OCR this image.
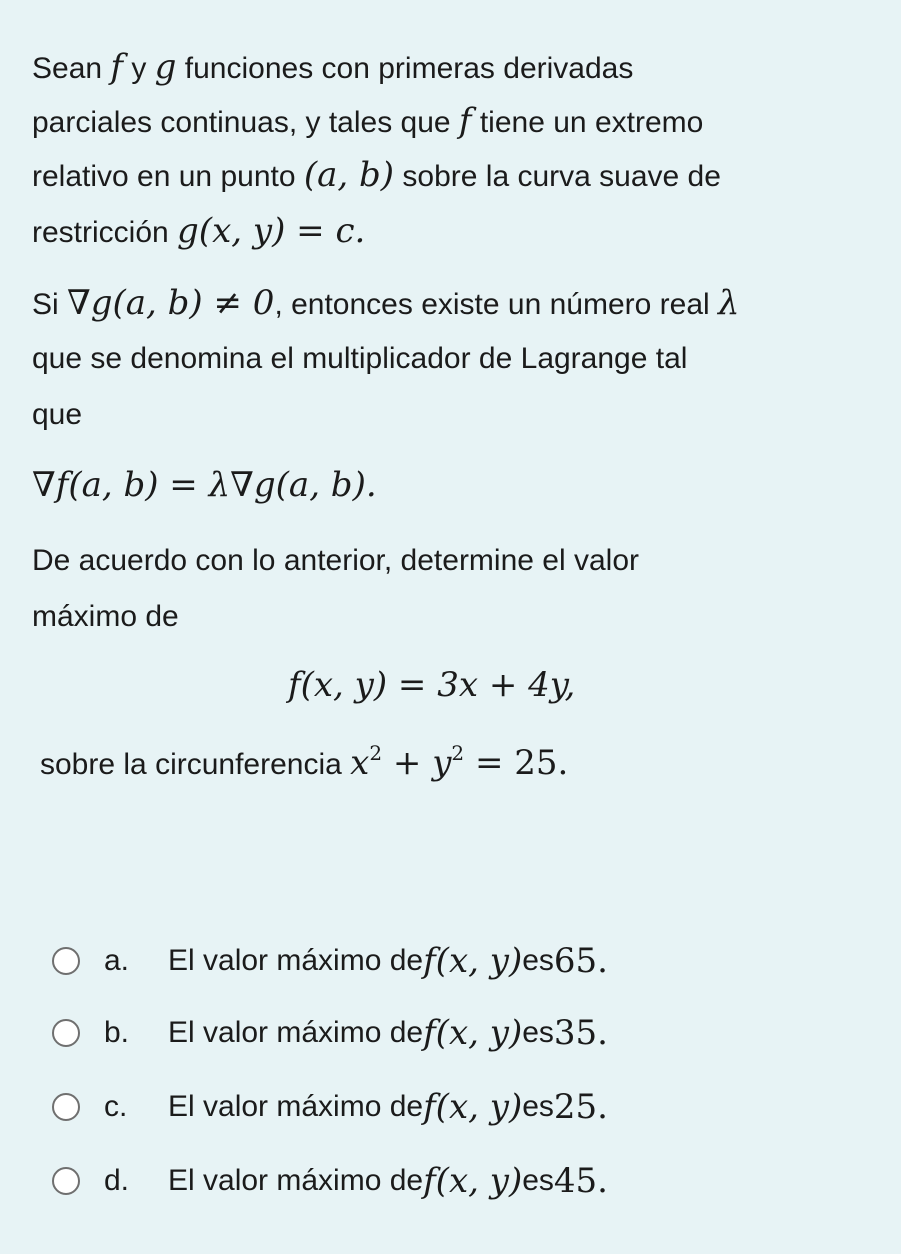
Sean f y g funciones con primeras derivadas
parciales continuas, y tales que f tiene un extremo
relativo en un punto (a, b) sobre la curva suave de
restricción g(x, y) = c.
Si ∇g(a, b) ≠ 0, entonces existe un número real λ
que se denomina el multiplicador de Lagrange tal
que
∇f(a, b) = λ∇g(a, b).
De acuerdo con lo anterior, determine el valor
máximo de
f(x, y) = 3x + 4y,
sobre la circunferencia $x^2 + y^2 = 25$.
a.	El valor máximo de f(x, y) es 65.
b.	El valor máximo de f(x, y) es 35.
c.	El valor máximo de f(x, y) es 25.
d.	El valor máximo de f(x, y) es 45.
